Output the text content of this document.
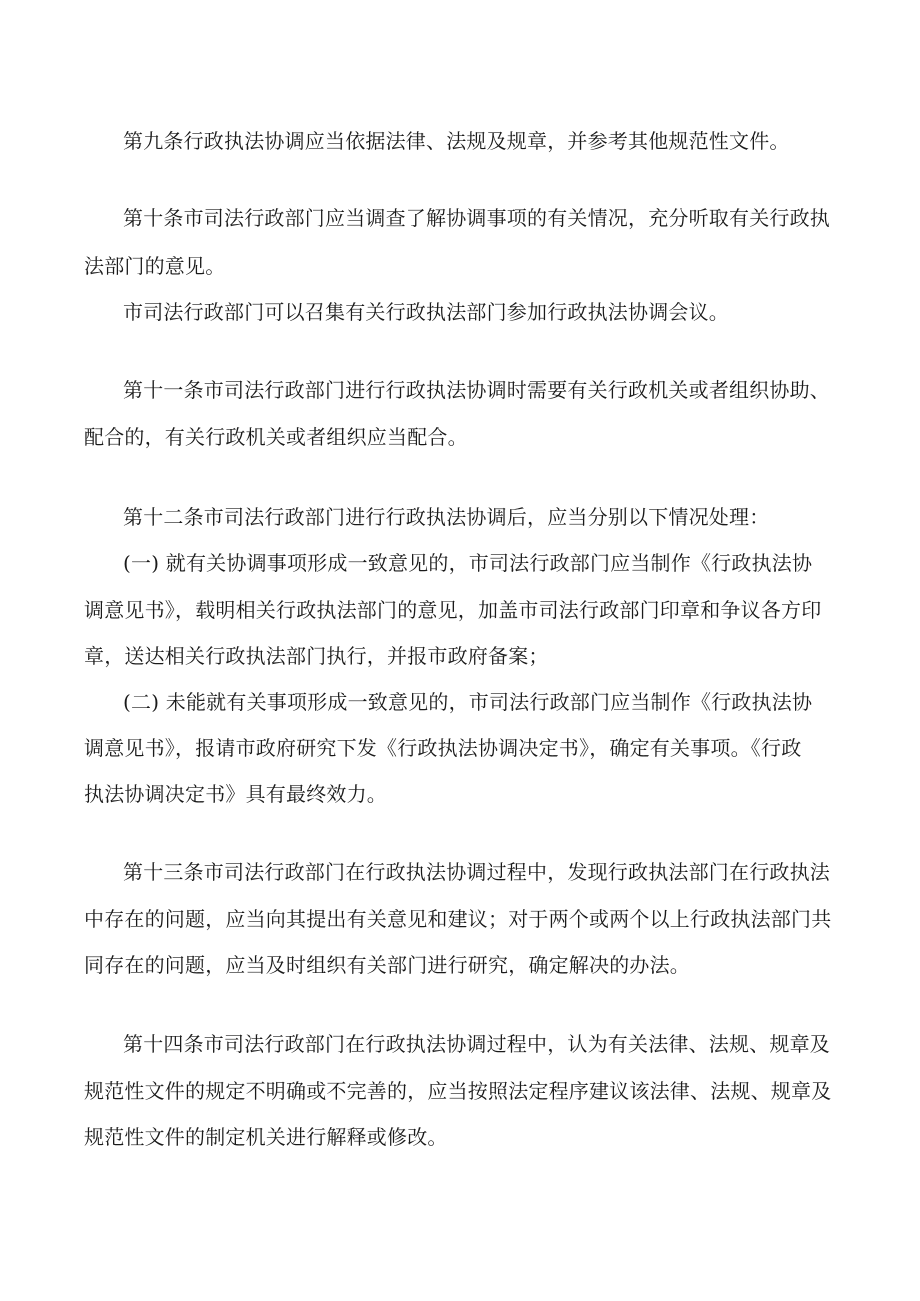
第九条行政执法协调应当依据法律、法规及规章，并参考其他规范性文件。
第十条市司法行政部门应当调查了解协调事项的有关情况，充分听取有关行政执
法部门的意见。
市司法行政部门可以召集有关行政执法部门参加行政执法协调会议。
第十一条市司法行政部门进行行政执法协调时需要有关行政机关或者组织协助、
配合的，有关行政机关或者组织应当配合。
第十二条市司法行政部门进行行政执法协调后，应当分别以下情况处理：
(一) 就有关协调事项形成一致意见的，市司法行政部门应当制作《行政执法协
调意见书》，载明相关行政执法部门的意见，加盖市司法行政部门印章和争议各方印
章，送达相关行政执法部门执行，并报市政府备案；
(二) 未能就有关事项形成一致意见的，市司法行政部门应当制作《行政执法协
调意见书》，报请市政府研究下发《行政执法协调决定书》，确定有关事项。《行政
执法协调决定书》具有最终效力。
第十三条市司法行政部门在行政执法协调过程中，发现行政执法部门在行政执法
中存在的问题，应当向其提出有关意见和建议；对于两个或两个以上行政执法部门共
同存在的问题，应当及时组织有关部门进行研究，确定解决的办法。
第十四条市司法行政部门在行政执法协调过程中，认为有关法律、法规、规章及
规范性文件的规定不明确或不完善的，应当按照法定程序建议该法律、法规、规章及
规范性文件的制定机关进行解释或修改。
